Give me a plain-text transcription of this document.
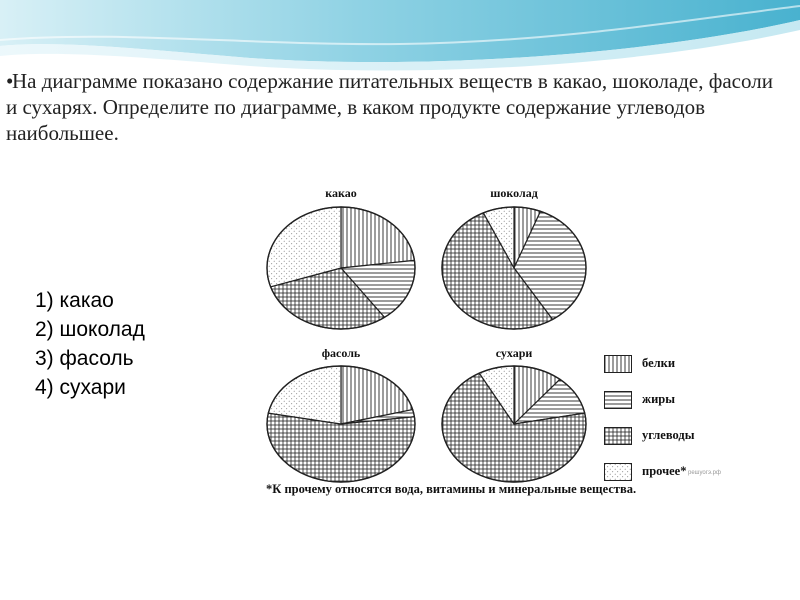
•На диаграмме показано содержание питательных веществ в какао, шоколаде, фасоли и сухарях. Определите по диаграмме, в каком продукте содержание углеводов наибольшее.
1) какао
2) шоколад
3) фасоль
4) сухари
какао	шоколад
фасоль	сухари
белки
жиры
углеводы
прочее* решуогэ.рф
*К прочему относятся вода, витамины и минеральные вещества.
